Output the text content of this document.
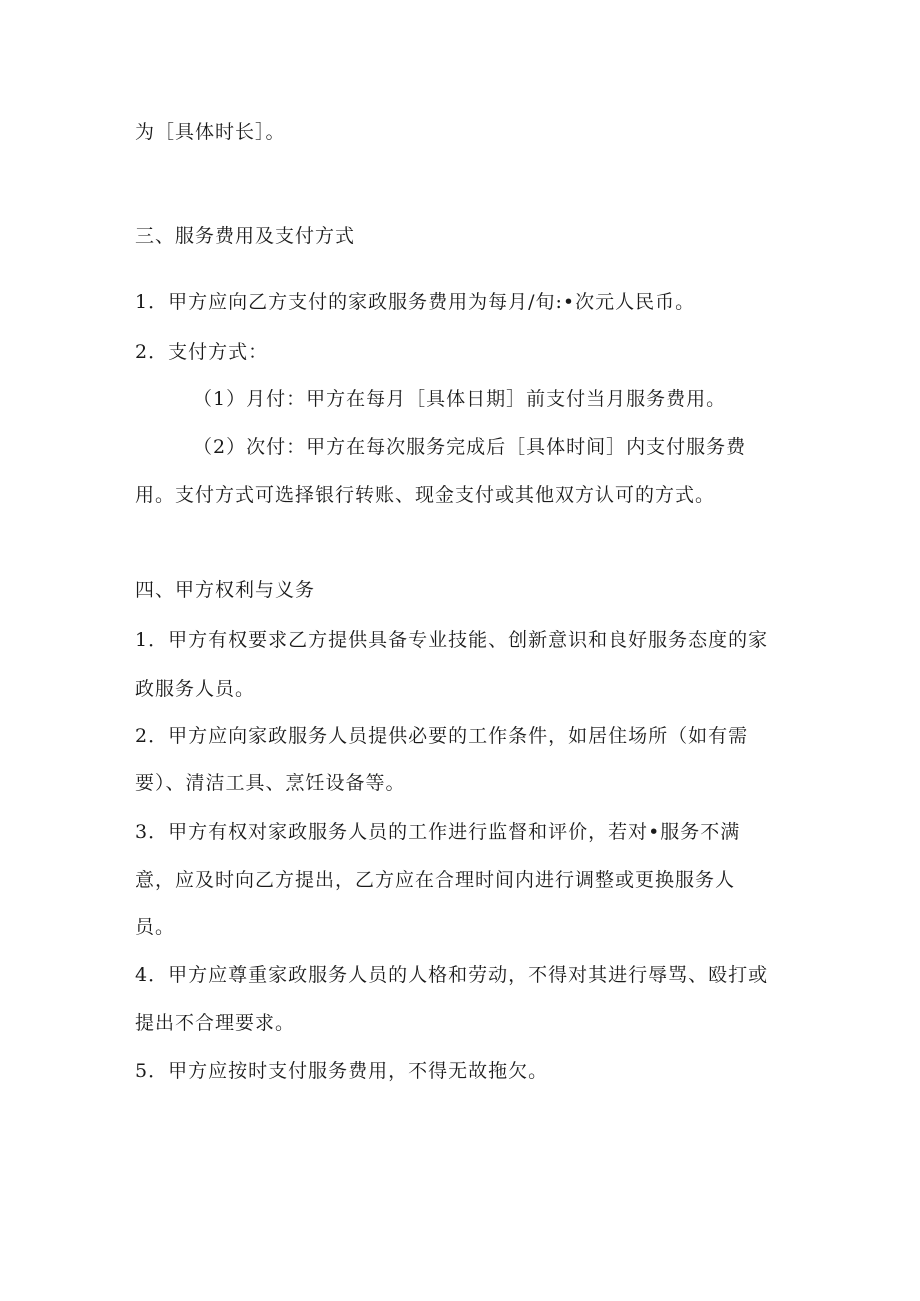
为［具体时长］。
三、服务费用及支付方式
1．甲方应向乙方支付的家政服务费用为每月/旬:•次元人民币。
2．支付方式：
（1）月付：甲方在每月［具体日期］前支付当月服务费用。
（2）次付：甲方在每次服务完成后［具体时间］内支付服务费
用。支付方式可选择银行转账、现金支付或其他双方认可的方式。
四、甲方权利与义务
1．甲方有权要求乙方提供具备专业技能、创新意识和良好服务态度的家
政服务人员。
2．甲方应向家政服务人员提供必要的工作条件，如居住场所（如有需
要）、清洁工具、烹饪设备等。
3．甲方有权对家政服务人员的工作进行监督和评价，若对•服务不满
意，应及时向乙方提出，乙方应在合理时间内进行调整或更换服务人
员。
4．甲方应尊重家政服务人员的人格和劳动，不得对其进行辱骂、殴打或
提出不合理要求。
5．甲方应按时支付服务费用，不得无故拖欠。
